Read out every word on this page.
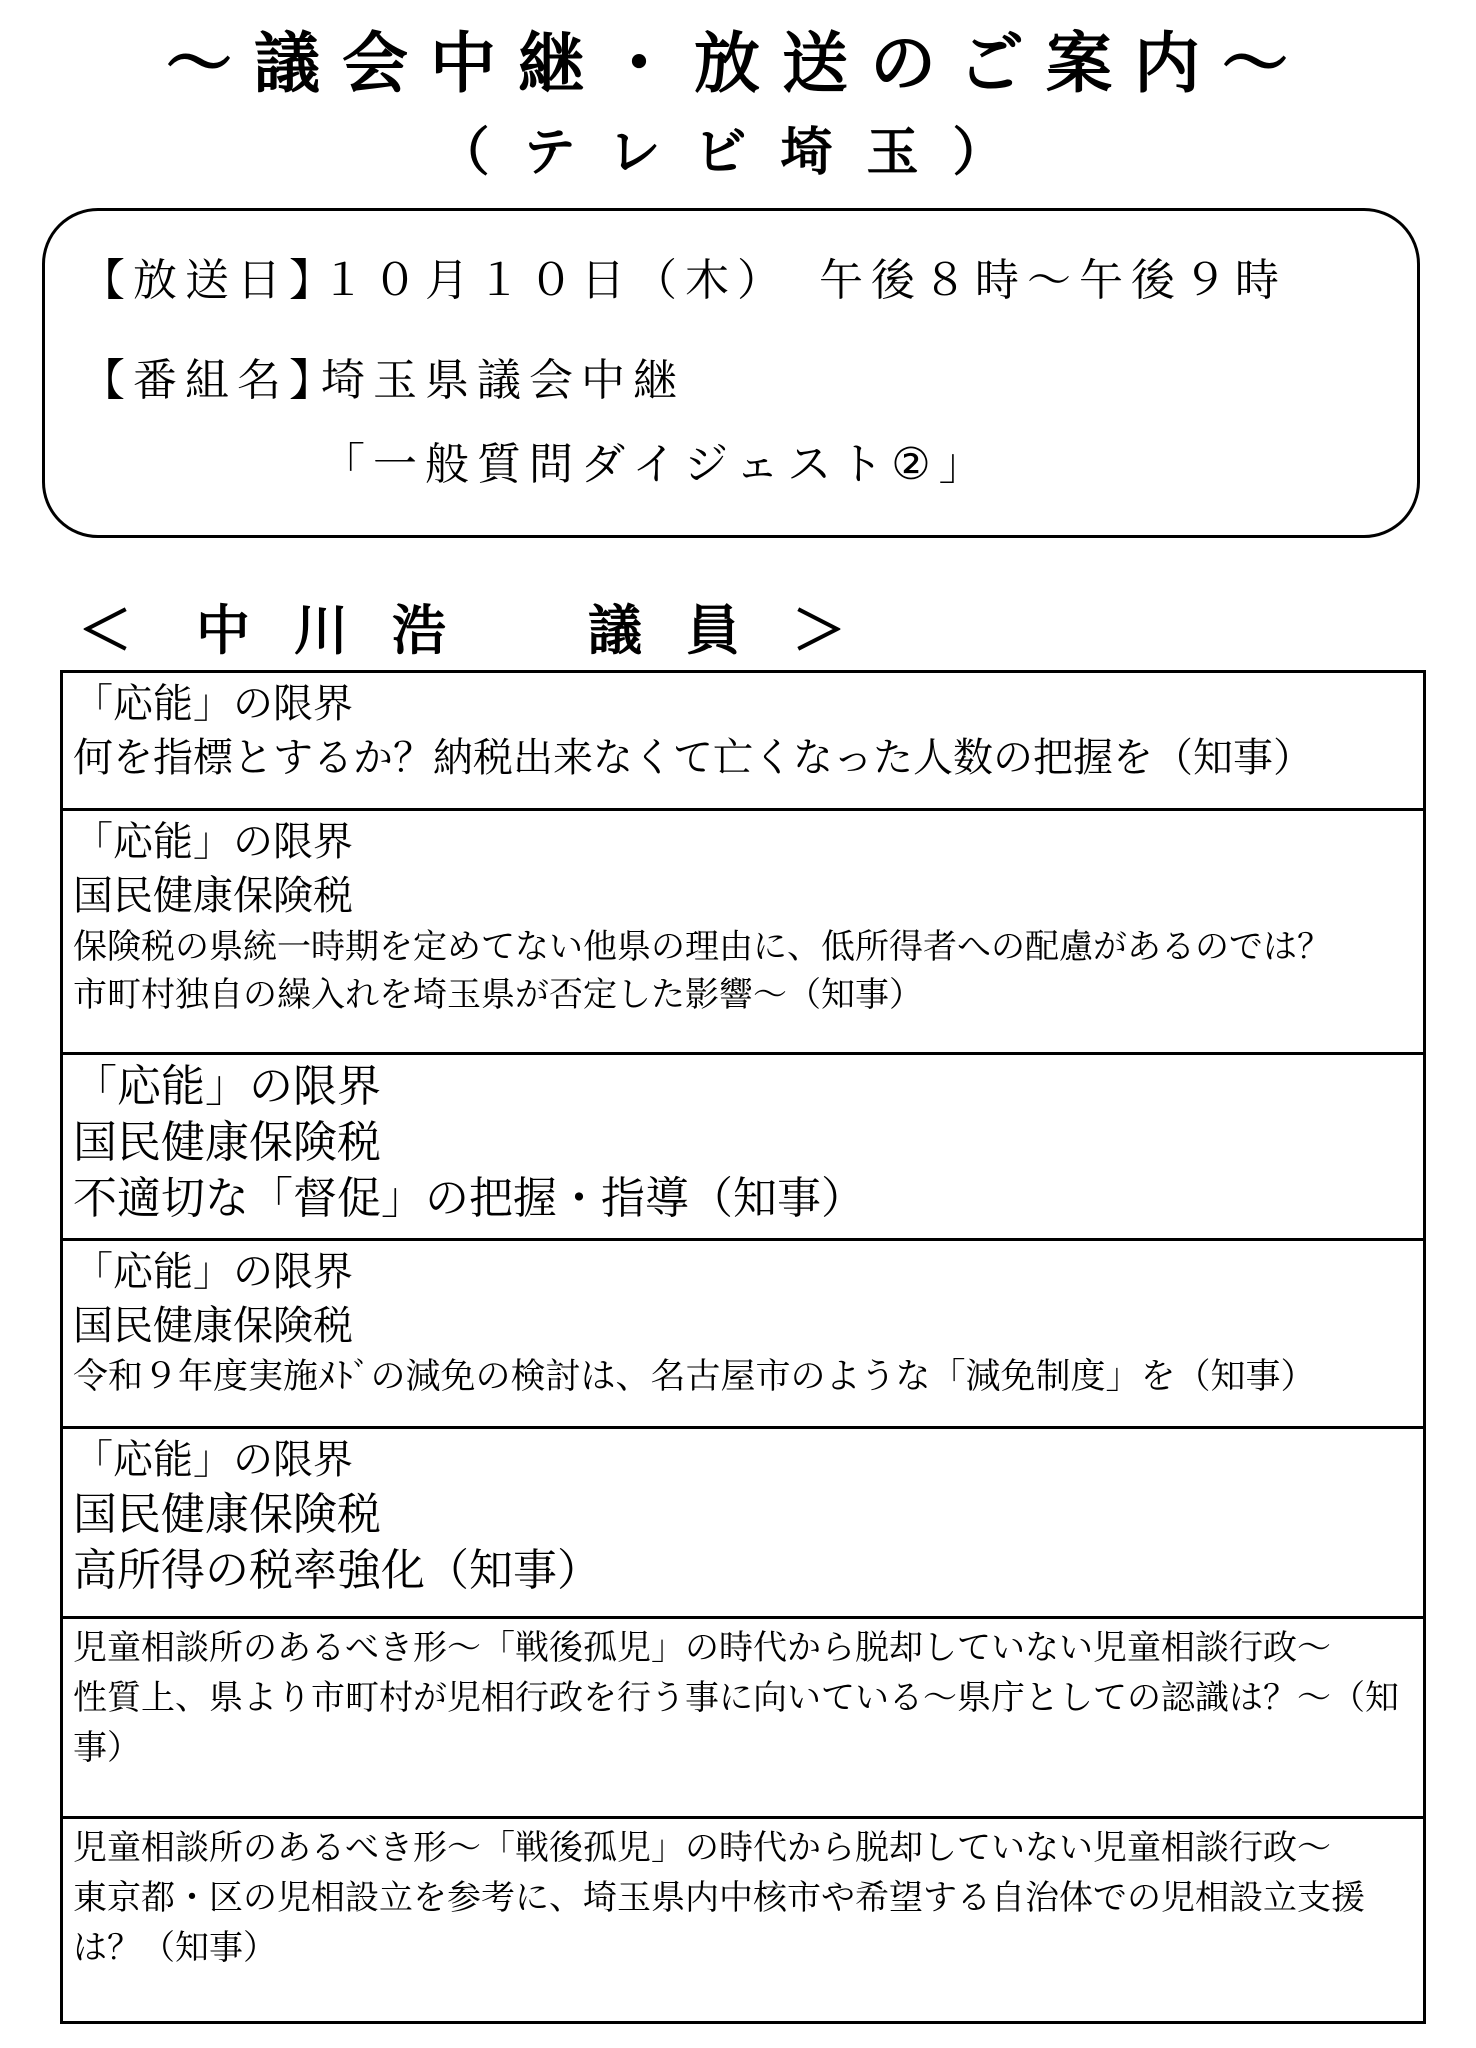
～議会中継・放送のご案内～
（テレビ埼玉）
【放送日】１０月１０日（木）　午後８時～午後９時
【番組名】埼玉県議会中継
「一般質問ダイジェスト②」
＜ 中川浩　議員 ＞
「応能」の限界
何を指標とするか？納税出来なくて亡くなった人数の把握を（知事）
「応能」の限界
国民健康保険税
保険税の県統一時期を定めてない他県の理由に、低所得者への配慮があるのでは？
市町村独自の繰入れを埼玉県が否定した影響～（知事）
「応能」の限界
国民健康保険税
不適切な「督促」の把握・指導（知事）
「応能」の限界
国民健康保険税
令和９年度実施ﾒﾄﾞの減免の検討は、名古屋市のような「減免制度」を（知事）
「応能」の限界
国民健康保険税
高所得の税率強化（知事）
児童相談所のあるべき形～「戦後孤児」の時代から脱却していない児童相談行政～
性質上、県より市町村が児相行政を行う事に向いている～県庁としての認識は？～（知事）
児童相談所のあるべき形～「戦後孤児」の時代から脱却していない児童相談行政～
東京都・区の児相設立を参考に、埼玉県内中核市や希望する自治体での児相設立支援は？（知事）
